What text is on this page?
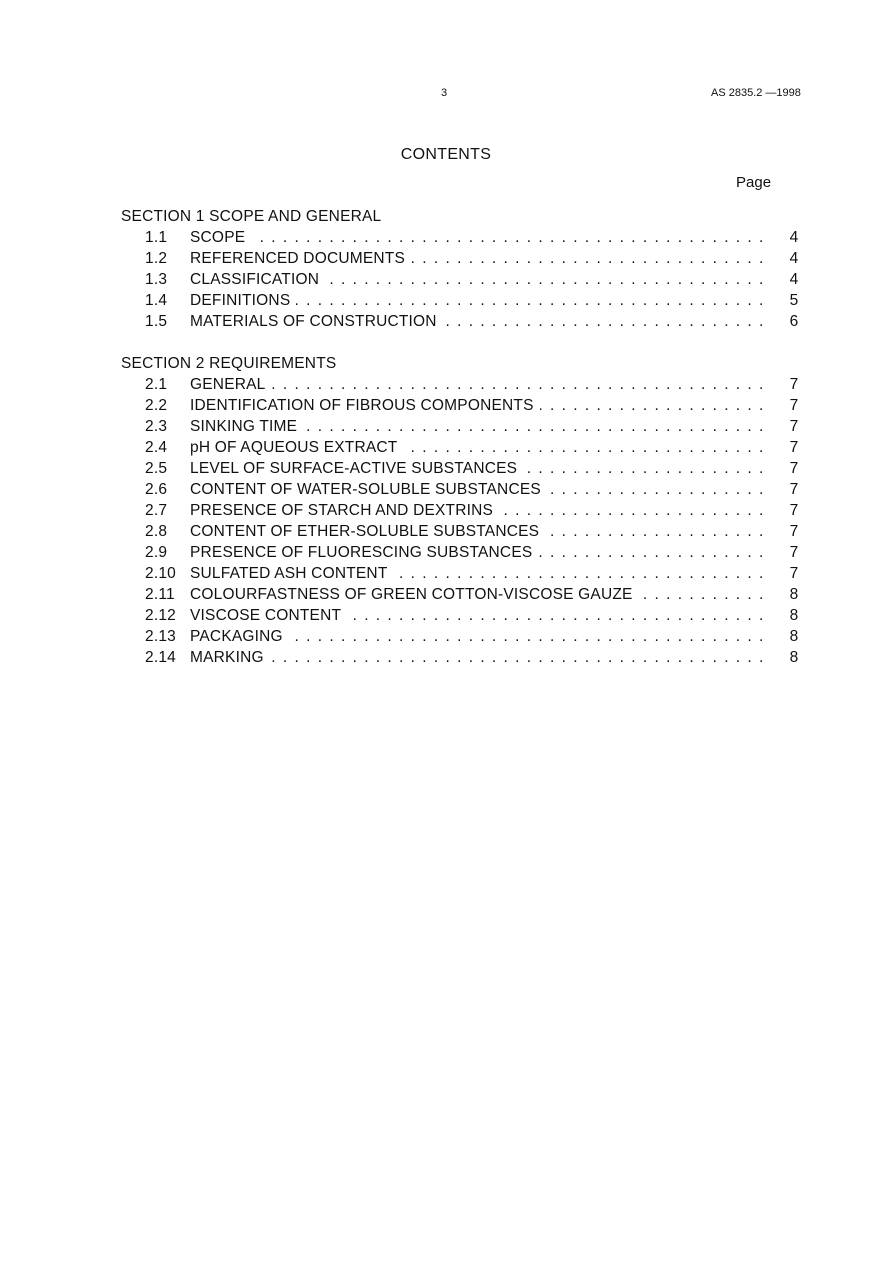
3	AS 2835.2 —1998
CONTENTS
Page
SECTION 1 SCOPE AND GENERAL
1.1 SCOPE . . .	4
1.2 REFERENCED DOCUMENTS . . .	4
1.3 CLASSIFICATION . . .	4
1.4 DEFINITIONS . . .	5
1.5 MATERIALS OF CONSTRUCTION . . .	6
SECTION 2 REQUIREMENTS
2.1 GENERAL . . .	7
2.2 IDENTIFICATION OF FIBROUS COMPONENTS . . .	7
2.3 SINKING TIME . . .	7
2.4 pH OF AQUEOUS EXTRACT . . .	7
2.5 LEVEL OF SURFACE-ACTIVE SUBSTANCES . . .	7
2.6 CONTENT OF WATER-SOLUBLE SUBSTANCES . . .	7
2.7 PRESENCE OF STARCH AND DEXTRINS . . .	7
2.8 CONTENT OF ETHER-SOLUBLE SUBSTANCES . . .	7
2.9 PRESENCE OF FLUORESCING SUBSTANCES . . .	7
2.10 SULFATED ASH CONTENT . . .	7
2.11 COLOURFASTNESS OF GREEN COTTON-VISCOSE GAUZE . . .	8
2.12 VISCOSE CONTENT . . .	8
2.13 PACKAGING . . .	8
2.14 MARKING . . .	8
